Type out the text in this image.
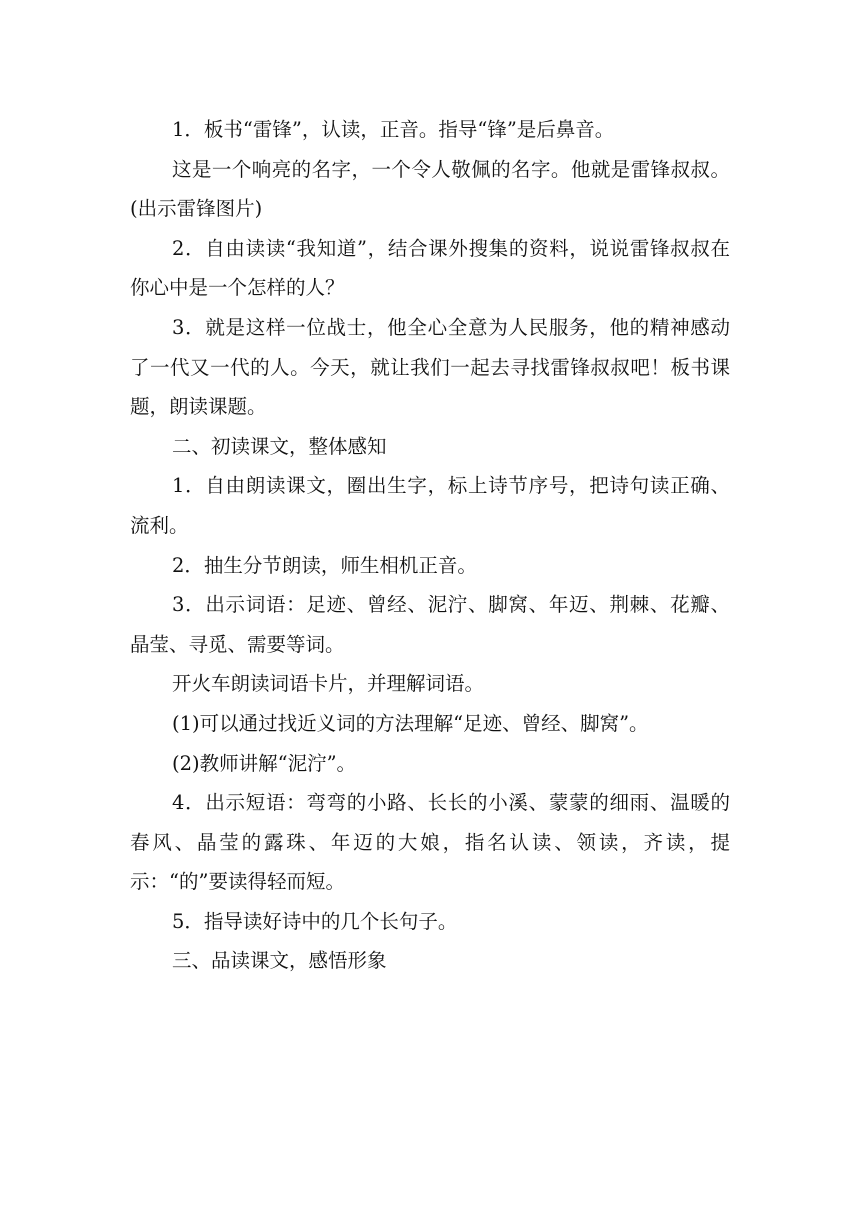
1．板书“雷锋”，认读，正音。指导“锋”是后鼻音。

这是一个响亮的名字，一个令人敬佩的名字。他就是雷锋叔叔。(出示雷锋图片)

2．自由读读“我知道”，结合课外搜集的资料，说说雷锋叔叔在你心中是一个怎样的人？

3．就是这样一位战士，他全心全意为人民服务，他的精神感动了一代又一代的人。今天，就让我们一起去寻找雷锋叔叔吧！板书课题，朗读课题。

二、初读课文，整体感知

1．自由朗读课文，圈出生字，标上诗节序号，把诗句读正确、流利。

2．抽生分节朗读，师生相机正音。

3．出示词语：足迹、曾经、泥泞、脚窝、年迈、荆棘、花瓣、晶莹、寻觅、需要等词。

开火车朗读词语卡片，并理解词语。

(1)可以通过找近义词的方法理解“足迹、曾经、脚窝”。

(2)教师讲解“泥泞”。

4．出示短语：弯弯的小路、长长的小溪、蒙蒙的细雨、温暖的春风、晶莹的露珠、年迈的大娘，指名认读、领读，齐读，提示：“的”要读得轻而短。

5．指导读好诗中的几个长句子。

三、品读课文，感悟形象
